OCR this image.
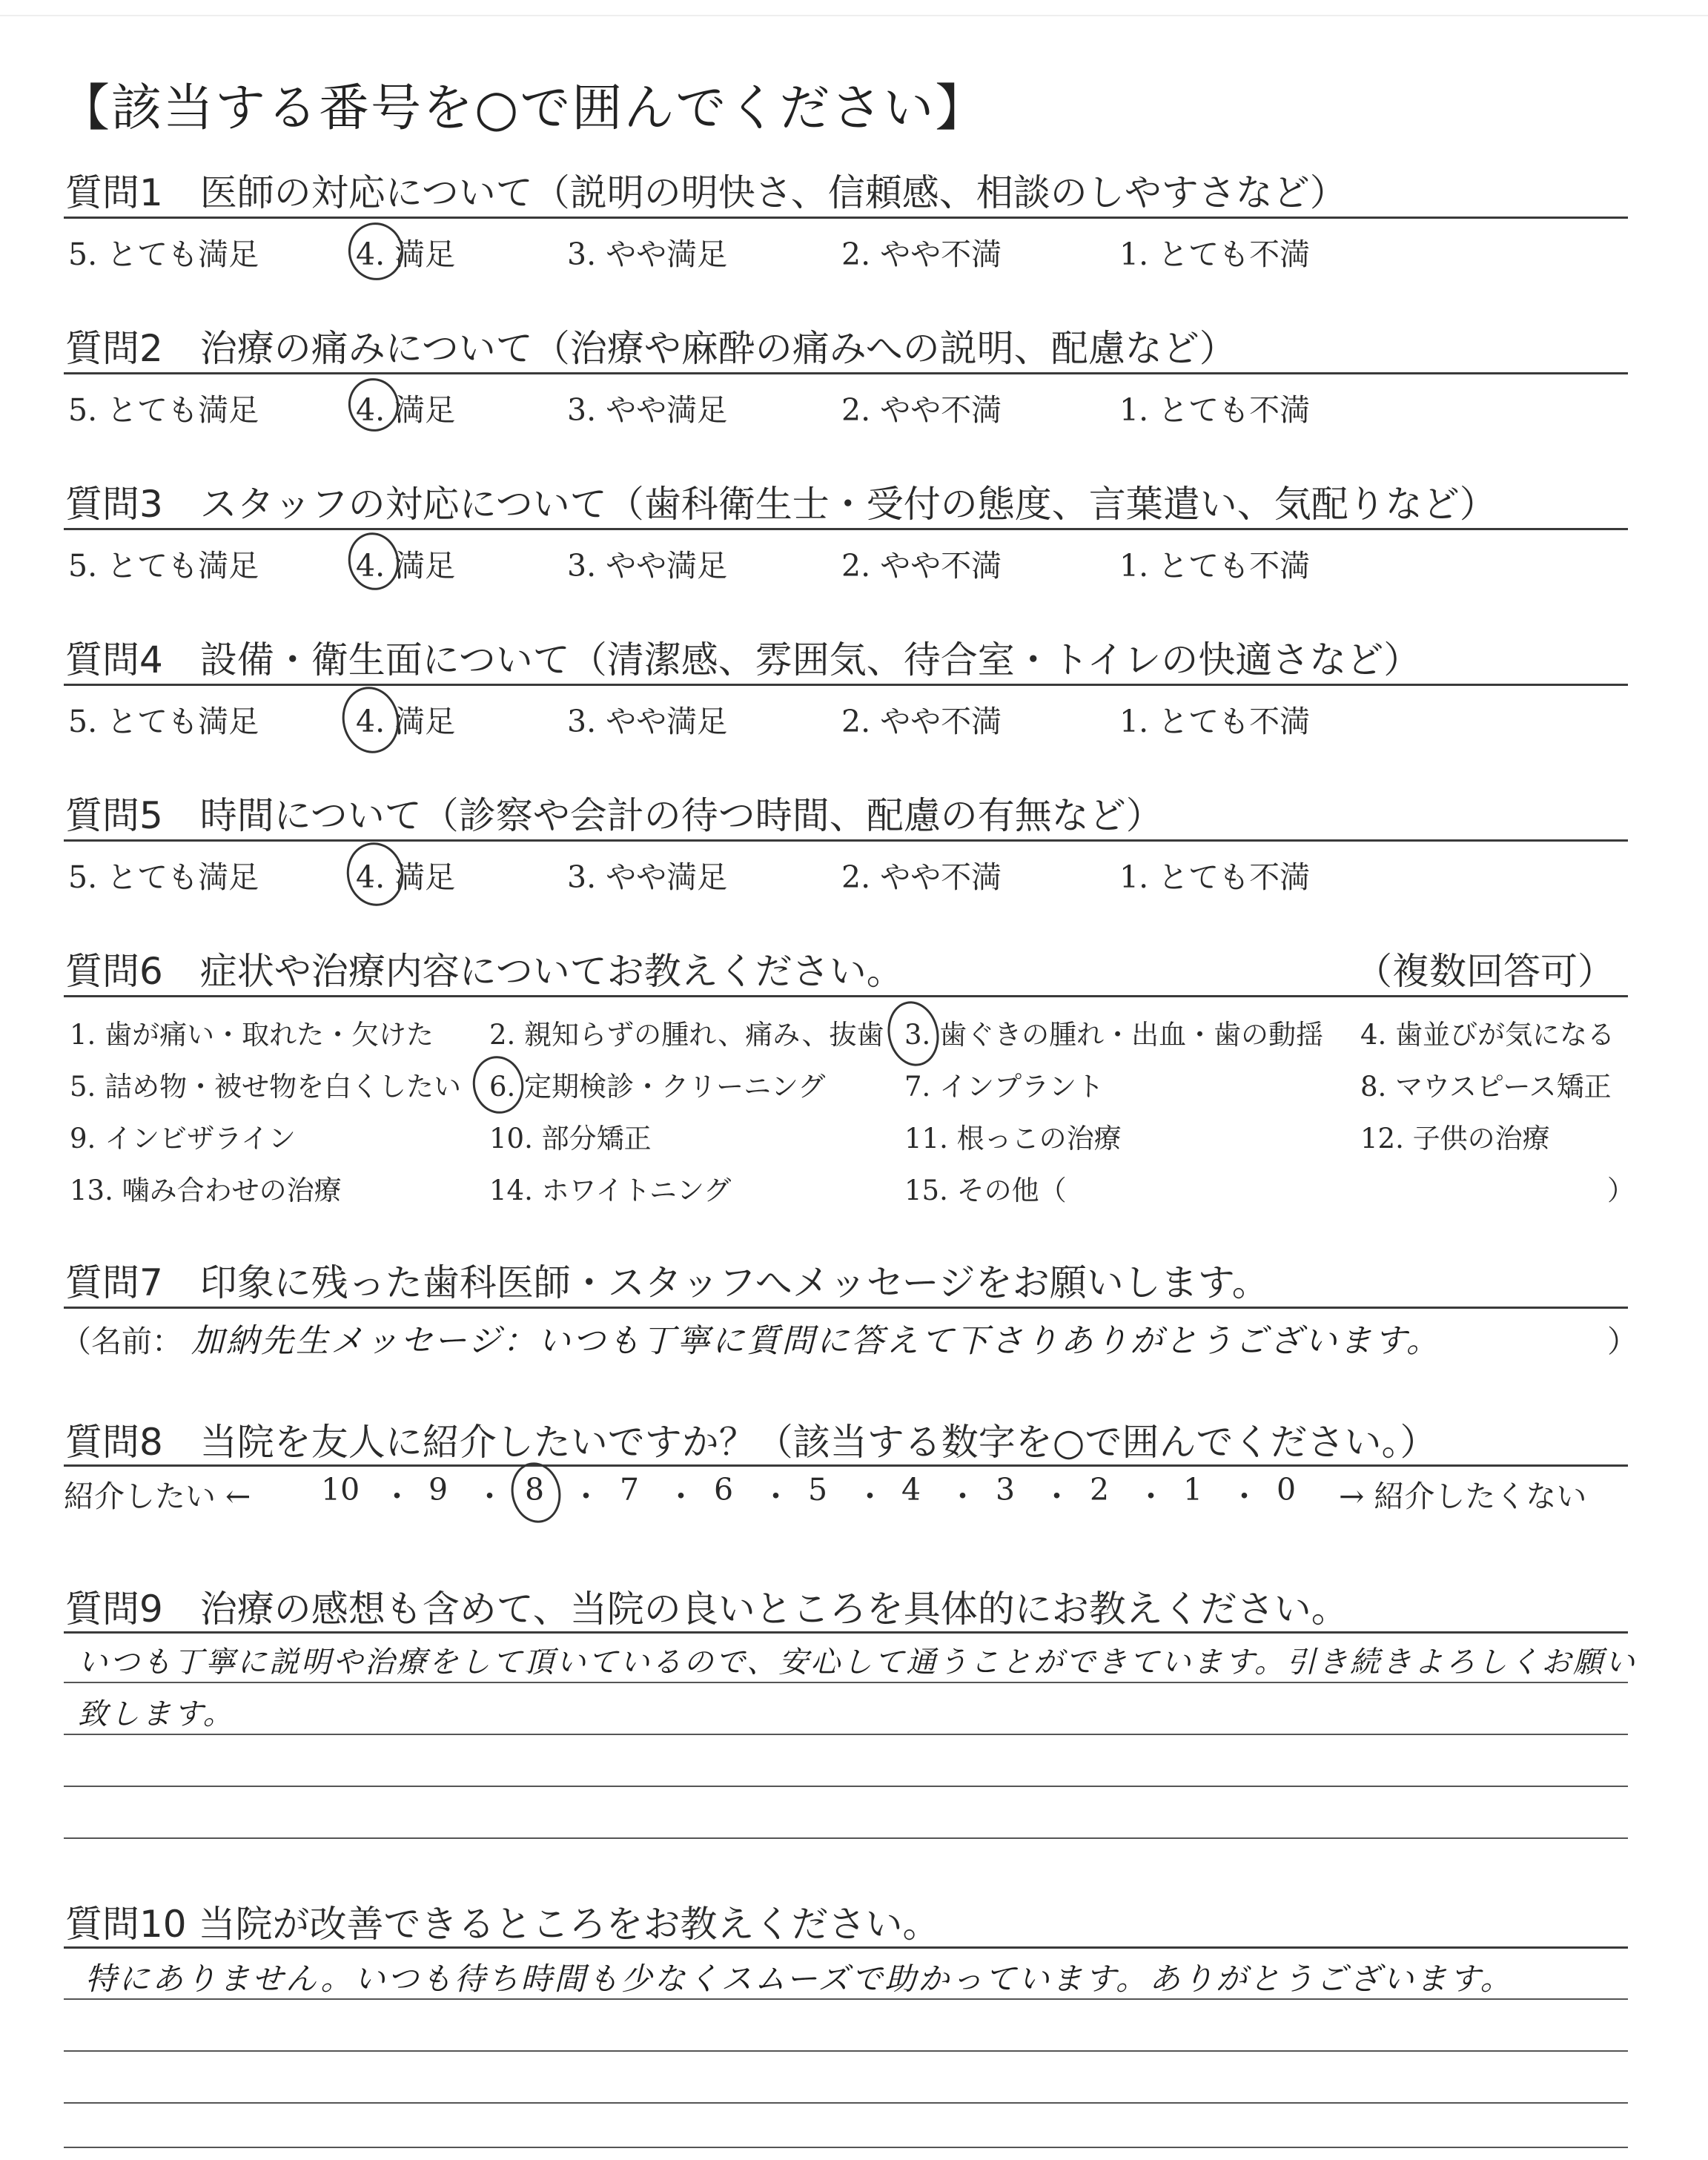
【該当する番号を○で囲んでください】
質問1　医師の対応について（説明の明快さ、信頼感、相談のしやすさなど）
5. とても満足	4. 満足	3. やや満足	2. やや不満	1. とても不満
質問2　治療の痛みについて（治療や麻酔の痛みへの説明、配慮など）
5. とても満足	4. 満足	3. やや満足	2. やや不満	1. とても不満
質問3　スタッフの対応について（歯科衛生士・受付の態度、言葉遣い、気配りなど）
5. とても満足	4. 満足	3. やや満足	2. やや不満	1. とても不満
質問4　設備・衛生面について（清潔感、雰囲気、待合室・トイレの快適さなど）
5. とても満足	4. 満足	3. やや満足	2. やや不満	1. とても不満
質問5　時間について（診察や会計の待つ時間、配慮の有無など）
5. とても満足	4. 満足	3. やや満足	2. やや不満	1. とても不満
質問6　症状や治療内容についてお教えください。	（複数回答可）
1. 歯が痛い・取れた・欠けた 2. 親知らずの腫れ、痛み、抜歯 3. 歯ぐきの腫れ・出血・歯の動揺 4. 歯並びが気になる
5. 詰め物・被せ物を白くしたい 6. 定期検診・クリーニング	7. インプラント	8. マウスピース矯正
9. インビザライン	10. 部分矯正	11. 根っこの治療	12. 子供の治療
13. 噛み合わせの治療	14. ホワイトニング	15. その他（	）
質問7　印象に残った歯科医師・スタッフへメッセージをお願いします。
（名前： 加納先生メッセージ：いつも丁寧に質問に答えて下さりありがとうございます。	）
質問8　当院を友人に紹介したいですか？（該当する数字を○で囲んでください。）
紹介したい ← 10 ・ 9 ・ 8 ・ 7 ・ 6 ・ 5 ・ 4 ・ 3 ・ 2 ・ 1 ・ 0 → 紹介したくない
質問9　治療の感想も含めて、当院の良いところを具体的にお教えください。
いつも丁寧に説明や治療をして頂いているので、安心して通うことができています。引き続きよろしくお願い
致します。
質問10 当院が改善できるところをお教えください。
特にありません。いつも待ち時間も少なくスムーズで助かっています。ありがとうございます。
